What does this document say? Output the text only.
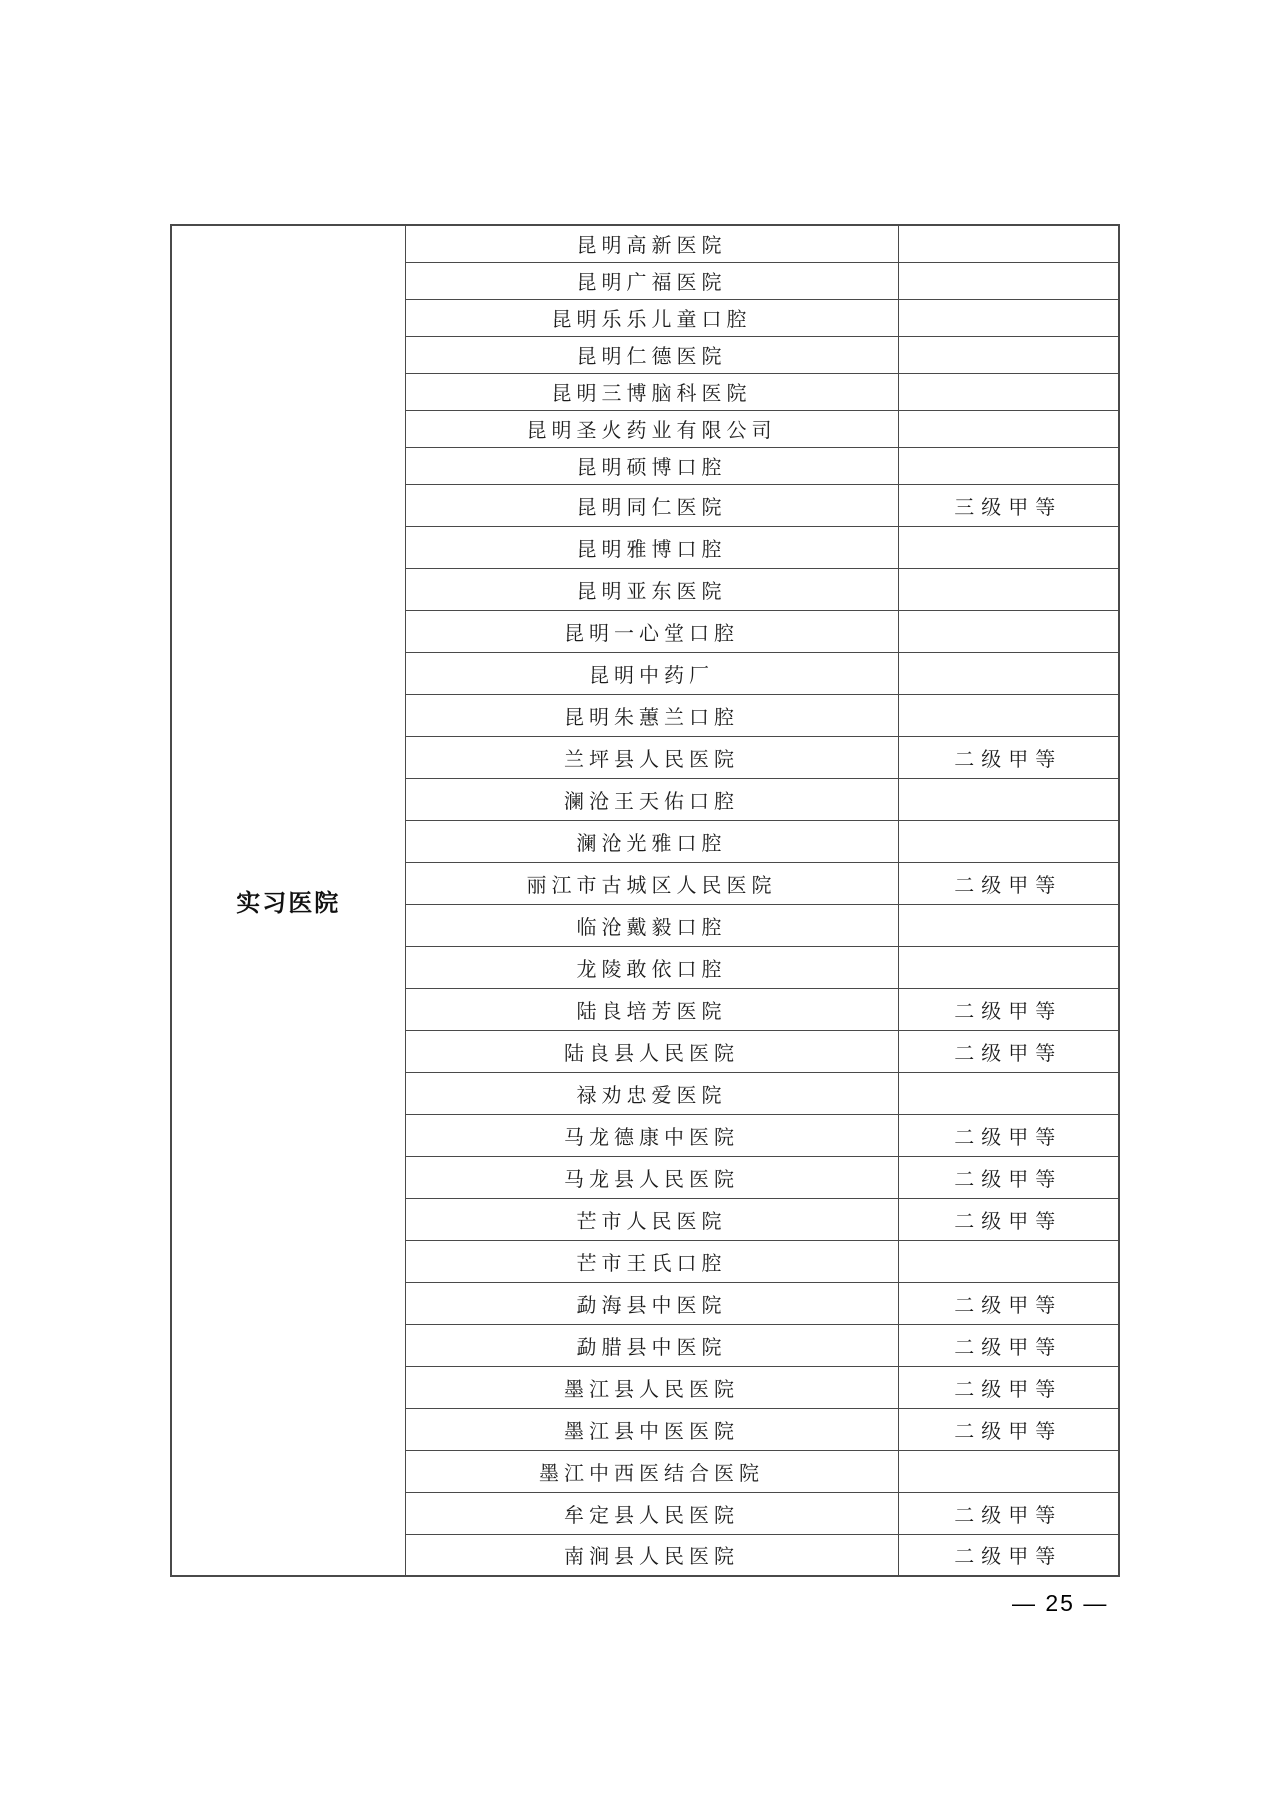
实习医院	昆明高新医院	
	昆明广福医院	
	昆明乐乐儿童口腔	
	昆明仁德医院	
	昆明三博脑科医院	
	昆明圣火药业有限公司	
	昆明硕博口腔	
	昆明同仁医院	三级甲等
	昆明雅博口腔	
	昆明亚东医院	
	昆明一心堂口腔	
	昆明中药厂	
	昆明朱蕙兰口腔	
	兰坪县人民医院	二级甲等
	澜沧王天佑口腔	
	澜沧光雅口腔	
	丽江市古城区人民医院	二级甲等
	临沧戴毅口腔	
	龙陵敢依口腔	
	陆良培芳医院	二级甲等
	陆良县人民医院	二级甲等
	禄劝忠爱医院	
	马龙德康中医院	二级甲等
	马龙县人民医院	二级甲等
	芒市人民医院	二级甲等
	芒市王氏口腔	
	勐海县中医院	二级甲等
	勐腊县中医院	二级甲等
	墨江县人民医院	二级甲等
	墨江县中医医院	二级甲等
	墨江中西医结合医院	
	牟定县人民医院	二级甲等
	南涧县人民医院	二级甲等
— 25 —
